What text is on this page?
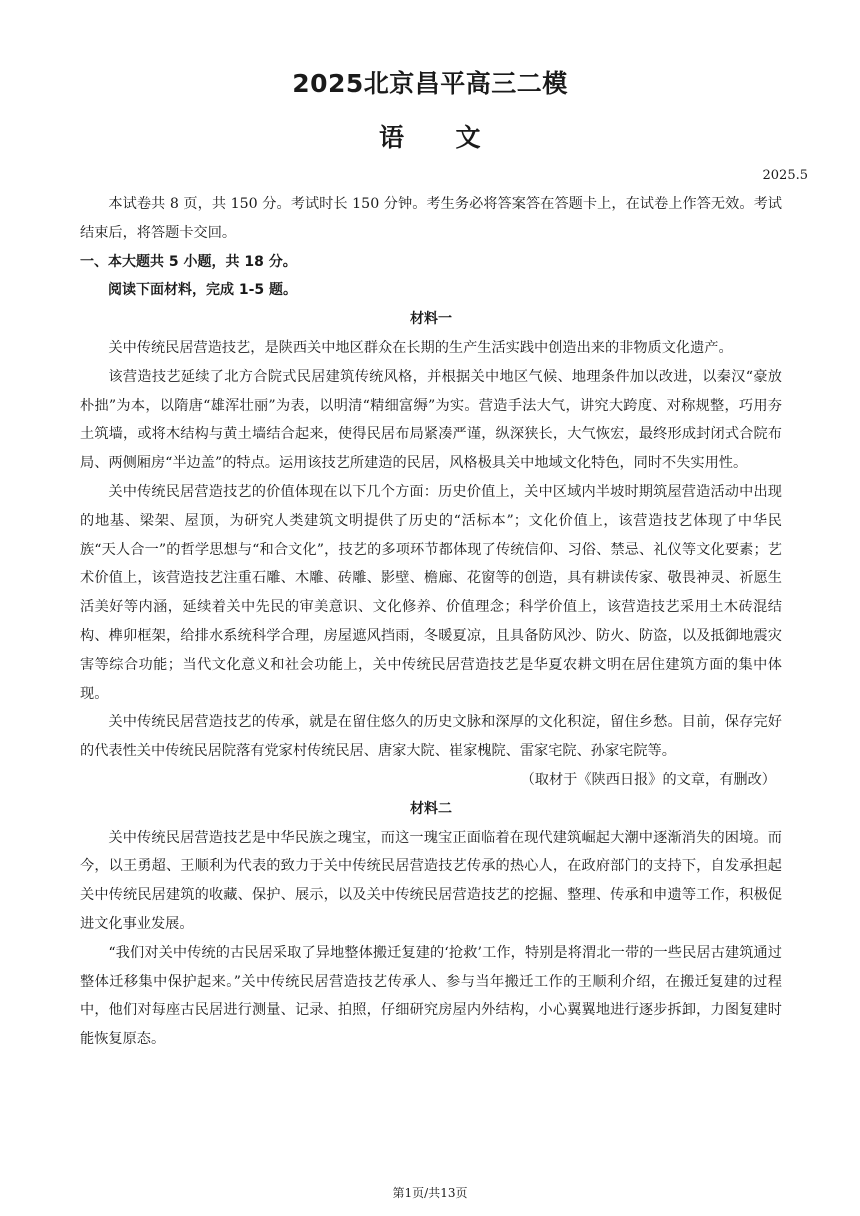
2025北京昌平高三二模
语　　文
2025.5

本试卷共 8 页，共 150 分。考试时长 150 分钟。考生务必将答案答在答题卡上，在试卷上作答无效。考试结束后，将答题卡交回。

一、本大题共 5 小题，共 18 分。

阅读下面材料，完成 1-5 题。

材料一

关中传统民居营造技艺，是陕西关中地区群众在长期的生产生活实践中创造出来的非物质文化遗产。

该营造技艺延续了北方合院式民居建筑传统风格，并根据关中地区气候、地理条件加以改进，以秦汉“豪放朴拙”为本，以隋唐“雄浑壮丽”为表，以明清“精细富缛”为实。营造手法大气，讲究大跨度、对称规整，巧用夯土筑墙，或将木结构与黄土墙结合起来，使得民居布局紧凑严谨，纵深狭长，大气恢宏，最终形成封闭式合院布局、两侧厢房“半边盖”的特点。运用该技艺所建造的民居，风格极具关中地域文化特色，同时不失实用性。

关中传统民居营造技艺的价值体现在以下几个方面：历史价值上，关中区域内半坡时期筑屋营造活动中出现的地基、梁架、屋顶，为研究人类建筑文明提供了历史的“活标本”；文化价值上，该营造技艺体现了中华民族“天人合一”的哲学思想与“和合文化”，技艺的多项环节都体现了传统信仰、习俗、禁忌、礼仪等文化要素；艺术价值上，该营造技艺注重石雕、木雕、砖雕、影壁、檐廊、花窗等的创造，具有耕读传家、敬畏神灵、祈愿生活美好等内涵，延续着关中先民的审美意识、文化修养、价值理念；科学价值上，该营造技艺采用土木砖混结构、榫卯框架，给排水系统科学合理，房屋遮风挡雨，冬暖夏凉，且具备防风沙、防火、防盗，以及抵御地震灾害等综合功能；当代文化意义和社会功能上，关中传统民居营造技艺是华夏农耕文明在居住建筑方面的集中体现。

关中传统民居营造技艺的传承，就是在留住悠久的历史文脉和深厚的文化积淀，留住乡愁。目前，保存完好的代表性关中传统民居院落有党家村传统民居、唐家大院、崔家槐院、雷家宅院、孙家宅院等。

（取材于《陕西日报》的文章，有删改）

材料二

关中传统民居营造技艺是中华民族之瑰宝，而这一瑰宝正面临着在现代建筑崛起大潮中逐渐消失的困境。而今，以王勇超、王顺利为代表的致力于关中传统民居营造技艺传承的热心人，在政府部门的支持下，自发承担起关中传统民居建筑的收藏、保护、展示，以及关中传统民居营造技艺的挖掘、整理、传承和申遗等工作，积极促进文化事业发展。

“我们对关中传统的古民居采取了异地整体搬迁复建的‘抢救’工作，特别是将渭北一带的一些民居古建筑通过整体迁移集中保护起来。”关中传统民居营造技艺传承人、参与当年搬迁工作的王顺利介绍，在搬迁复建的过程中，他们对每座古民居进行测量、记录、拍照，仔细研究房屋内外结构，小心翼翼地进行逐步拆卸，力图复建时能恢复原态。

第1页/共13页
